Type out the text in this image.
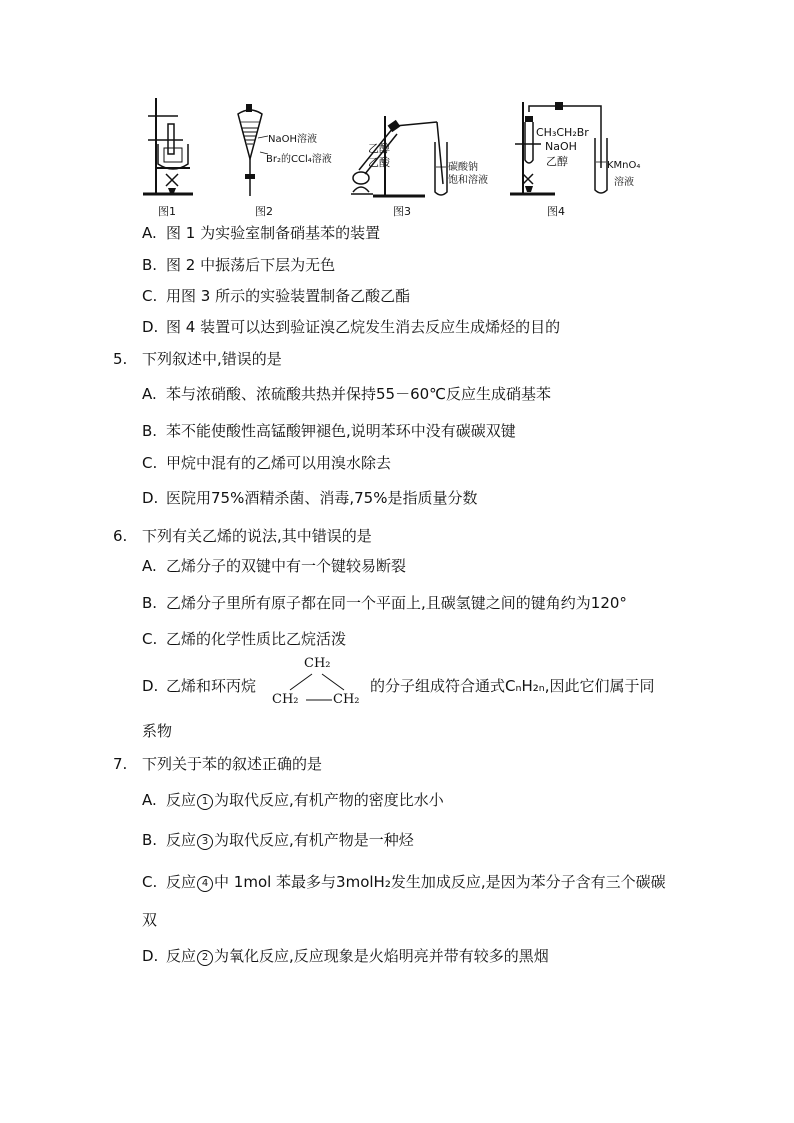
图1
NaOH溶液
Br₂的CCl₄溶液
图2
乙醇
乙酸	碳酸钠
饱和溶液
图3
CH₃CH₂Br
NaOH
乙醇	KMnO₄
溶液
图4
A. 图 1 为实验室制备硝基苯的装置
B. 图 2 中振荡后下层为无色
C. 用图 3 所示的实验装置制备乙酸乙酯
D. 图 4 装置可以达到验证溴乙烷发生消去反应生成烯烃的目的
5. 下列叙述中,错误的是
A. 苯与浓硝酸、浓硫酸共热并保持55－60℃反应生成硝基苯
B. 苯不能使酸性高锰酸钾褪色,说明苯环中没有碳碳双键
C. 甲烷中混有的乙烯可以用溴水除去
D. 医院用75%酒精杀菌、消毒,75%是指质量分数
6. 下列有关乙烯的说法,其中错误的是
A. 乙烯分子的双键中有一个键较易断裂
B. 乙烯分子里所有原子都在同一个平面上,且碳氢键之间的键角约为120°
C. 乙烯的化学性质比乙烷活泼
D. 乙烯和环丙烷
CH₂
CH₂	CH₂
的分子组成符合通式CₙH₂ₙ,因此它们属于同
系物
7. 下列关于苯的叙述正确的是
A. 反应 1 为取代反应,有机产物的密度比水小
B. 反应 3 为取代反应,有机产物是一种烃
C. 反应 4 中 1mol 苯最多与3molH₂发生加成反应,是因为苯分子含有三个碳碳
双
D. 反应 2 为氧化反应,反应现象是火焰明亮并带有较多的黑烟
